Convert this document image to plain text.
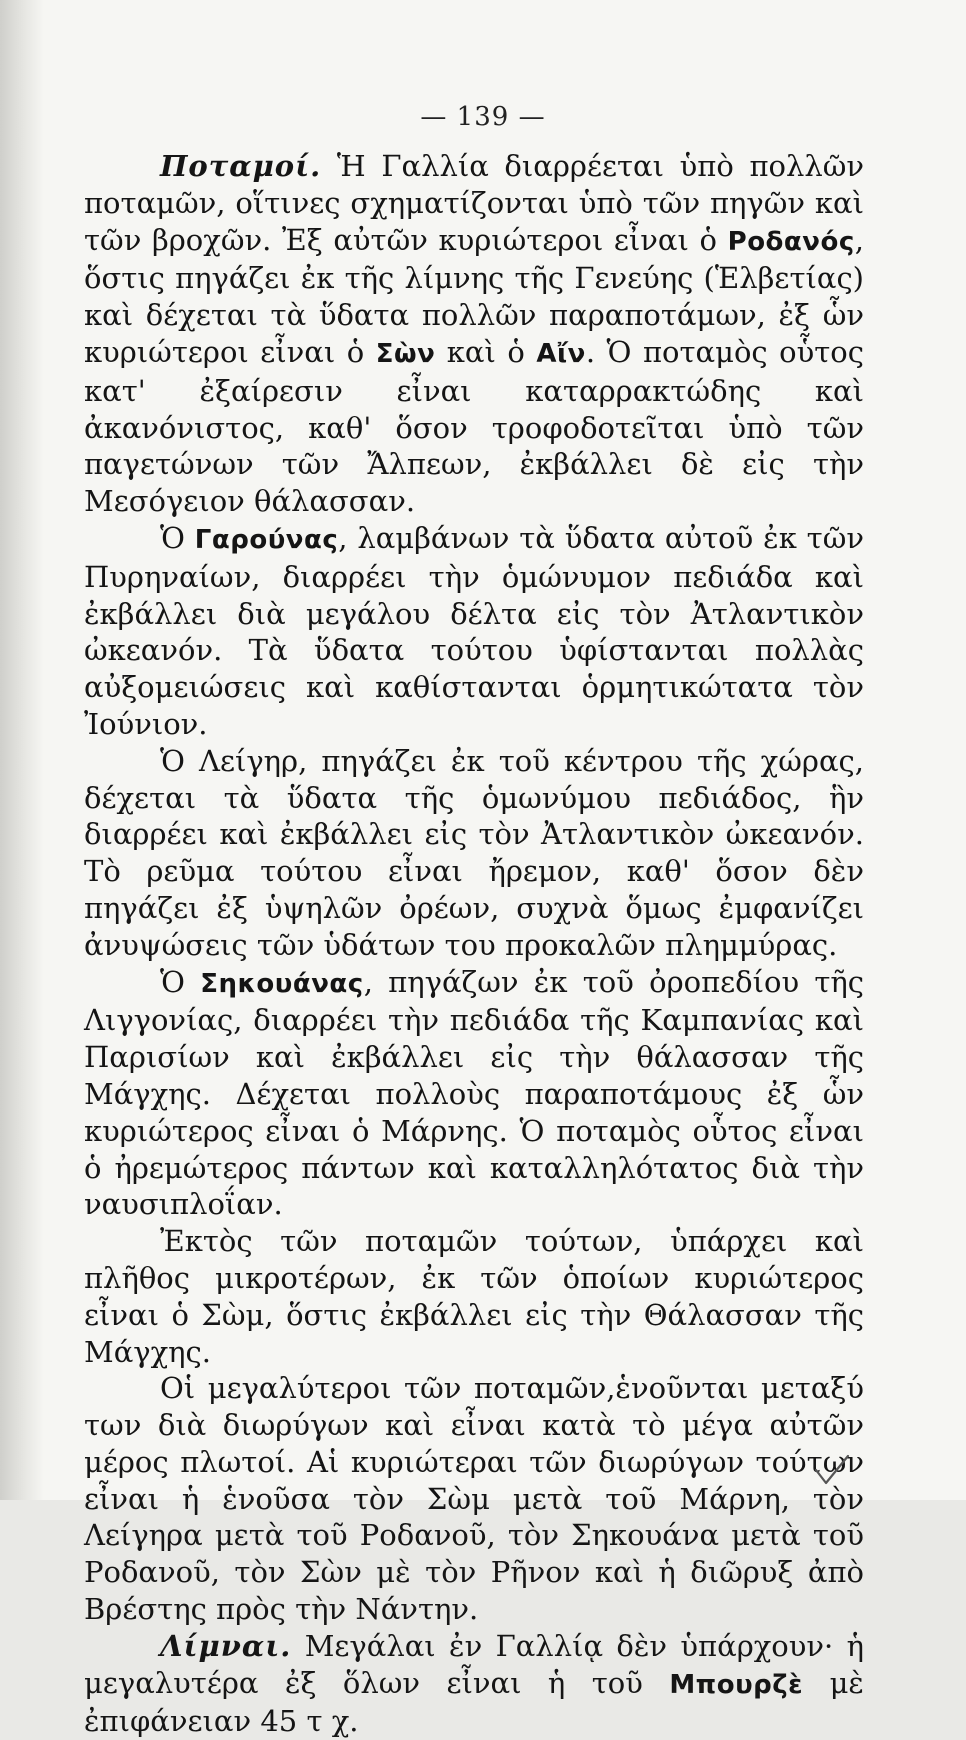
— 139 —

Ποταμοί. Ἡ Γαλλία διαρρέεται ὑπὸ πολλῶν ποταμῶν, οἵτινες σχηματίζονται ὑπὸ τῶν πηγῶν καὶ τῶν βροχῶν. Ἐξ αὐτῶν κυριώτεροι εἶναι ὁ Ροδανός, ὅστις πηγάζει ἐκ τῆς λίμνης τῆς Γενεύης (Ἑλβετίας) καὶ δέχεται τὰ ὕδατα πολλῶν παραποτάμων, ἐξ ὧν κυριώτεροι εἶναι ὁ Σὼν καὶ ὁ Αἴν. Ὁ ποταμὸς οὗτος κατ' ἐξαίρεσιν εἶναι καταρρακτώδης καὶ ἀκανόνιστος, καθ' ὅσον τροφοδοτεῖται ὑπὸ τῶν παγετώνων τῶν Ἄλπεων, ἐκβάλλει δὲ εἰς τὴν Μεσόγειον θάλασσαν.

Ὁ Γαρούνας, λαμβάνων τὰ ὕδατα αὐτοῦ ἐκ τῶν Πυρηναίων, διαρρέει τὴν ὁμώνυμον πεδιάδα καὶ ἐκβάλλει διὰ μεγάλου δέλτα εἰς τὸν Ἀτλαντικὸν ὠκεανόν. Τὰ ὕδατα τούτου ὑφίστανται πολλὰς αὐξομειώσεις καὶ καθίστανται ὁρμητικώτατα τὸν Ἰούνιον.

Ὁ Λείγηρ, πηγάζει ἐκ τοῦ κέντρου τῆς χώρας, δέχεται τὰ ὕδατα τῆς ὁμωνύμου πεδιάδος, ἣν διαρρέει καὶ ἐκβάλλει εἰς τὸν Ἀτλαντικὸν ὠκεανόν. Τὸ ρεῦμα τούτου εἶναι ἤρεμον, καθ' ὅσον δὲν πηγάζει ἐξ ὑψηλῶν ὀρέων, συχνὰ ὅμως ἐμφανίζει ἀνυψώσεις τῶν ὑδάτων του προκαλῶν πλημμύρας.

Ὁ Σηκουάνας, πηγάζων ἐκ τοῦ ὀροπεδίου τῆς Λιγγονίας, διαρρέει τὴν πεδιάδα τῆς Καμπανίας καὶ Παρισίων καὶ ἐκβάλλει εἰς τὴν θάλασσαν τῆς Μάγχης. Δέχεται πολλοὺς παραποτάμους ἐξ ὧν κυριώτερος εἶναι ὁ Μάρνης. Ὁ ποταμὸς οὗτος εἶναι ὁ ἠρεμώτερος πάντων καὶ καταλληλότατος διὰ τὴν ναυσιπλοΐαν.

Ἐκτὸς τῶν ποταμῶν τούτων, ὑπάρχει καὶ πλῆθος μικροτέρων, ἐκ τῶν ὁποίων κυριώτερος εἶναι ὁ Σὼμ, ὅστις ἐκβάλλει εἰς τὴν Θάλασσαν τῆς Μάγχης.

Οἱ μεγαλύτεροι τῶν ποταμῶν,ἑνοῦνται μεταξύ των διὰ διωρύγων καὶ εἶναι κατὰ τὸ μέγα αὐτῶν μέρος πλωτοί. Αἱ κυριώτεραι τῶν διωρύγων τούτων εἶναι ἡ ἑνοῦσα τὸν Σὼμ μετὰ τοῦ Μάρνη, τὸν Λείγηρα μετὰ τοῦ Ροδανοῦ, τὸν Σηκουάνα μετὰ τοῦ Ροδανοῦ, τὸν Σὼν μὲ τὸν Ρῆνον καὶ ἡ διῶρυξ ἀπὸ Βρέστης πρὸς τὴν Νάντην.

Λίμναι. Μεγάλαι ἐν Γαλλίᾳ δὲν ὑπάρχουν· ἡ μεγαλυτέρα ἐξ ὅλων εἶναι ἡ τοῦ Μπουρζὲ μὲ ἐπιφάνειαν 45 τ χ.
